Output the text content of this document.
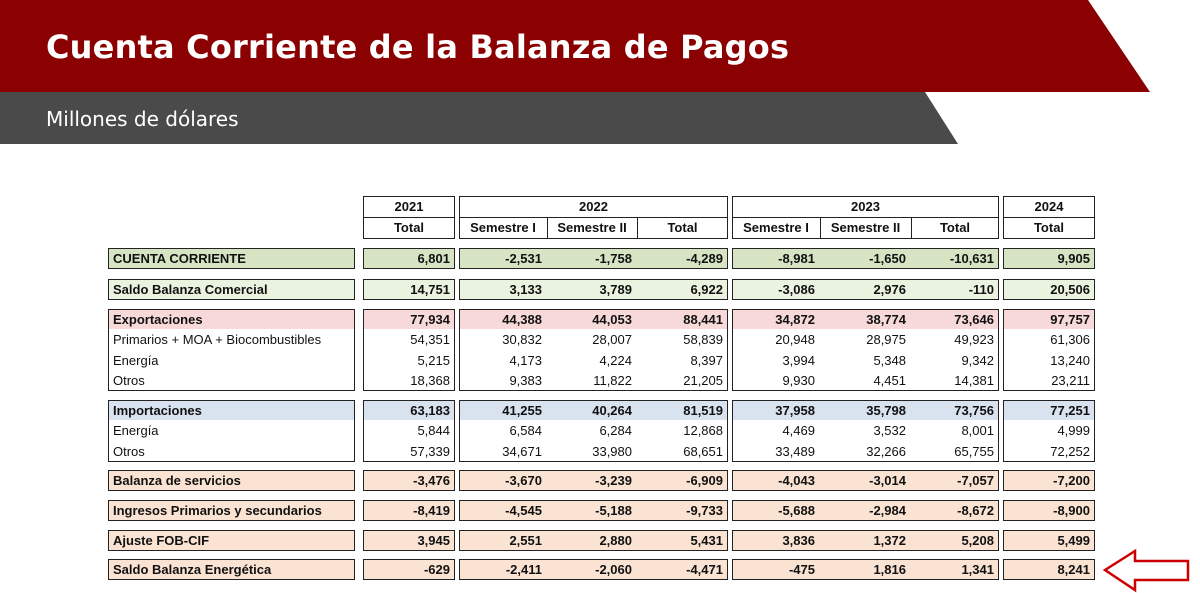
Cuenta Corriente de la Balanza de Pagos
Millones de dólares
2021
Total
2022
Semestre I	Semestre II	Total
2023
Semestre I	Semestre II	Total
2024
Total
CUENTA CORRIENTE	6,801	-2,531	-1,758	-4,289	-8,981	-1,650	-10,631	9,905
Saldo Balanza Comercial	14,751	3,133	3,789	6,922	-3,086	2,976	-110	20,506
Exportaciones	77,934	44,388	44,053	88,441	34,872	38,774	73,646	97,757
Primarios + MOA + Biocombustibles	54,351	30,832	28,007	58,839	20,948	28,975	49,923	61,306
Energía	5,215	4,173	4,224	8,397	3,994	5,348	9,342	13,240
Otros	18,368	9,383	11,822	21,205	9,930	4,451	14,381	23,211
Importaciones	63,183	41,255	40,264	81,519	37,958	35,798	73,756	77,251
Energía	5,844	6,584	6,284	12,868	4,469	3,532	8,001	4,999
Otros	57,339	34,671	33,980	68,651	33,489	32,266	65,755	72,252
Balanza de servicios	-3,476	-3,670	-3,239	-6,909	-4,043	-3,014	-7,057	-7,200
Ingresos Primarios y secundarios	-8,419	-4,545	-5,188	-9,733	-5,688	-2,984	-8,672	-8,900
Ajuste FOB-CIF	3,945	2,551	2,880	5,431	3,836	1,372	5,208	5,499
Saldo Balanza Energética	-629	-2,411	-2,060	-4,471	-475	1,816	1,341	8,241
